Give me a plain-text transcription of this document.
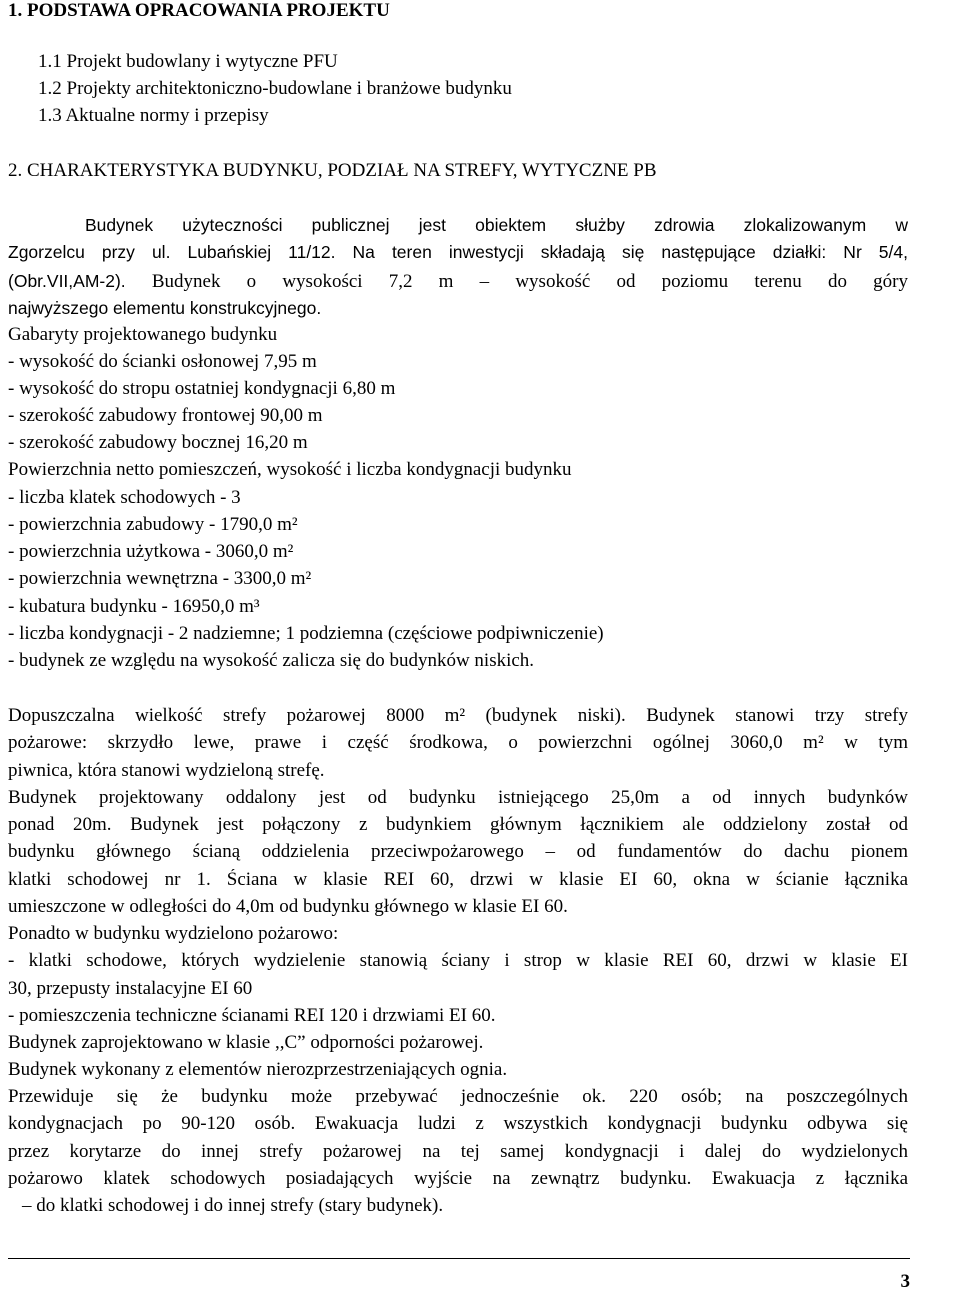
1. PODSTAWA OPRACOWANIA PROJEKTU
1.1 Projekt budowlany i wytyczne PFU
1.2 Projekty architektoniczno-budowlane i branżowe budynku
1.3 Aktualne normy i przepisy
2. CHARAKTERYSTYKA BUDYNKU, PODZIAŁ NA STREFY, WYTYCZNE PB
Budynek użyteczności publicznej jest obiektem służby zdrowia zlokalizowanym w
Zgorzelcu przy ul. Lubańskiej 11/12. Na teren inwestycji składają się następujące działki: Nr 5/4,
(Obr.VII,AM-2). Budynek o wysokości 7,2 m – wysokość od poziomu terenu do góry
najwyższego elementu konstrukcyjnego.
Gabaryty projektowanego budynku
- wysokość do ścianki osłonowej 7,95 m
- wysokość do stropu ostatniej kondygnacji 6,80 m
- szerokość zabudowy frontowej 90,00 m
- szerokość zabudowy bocznej 16,20 m
Powierzchnia netto pomieszczeń, wysokość i liczba kondygnacji budynku
- liczba klatek schodowych - 3
- powierzchnia zabudowy - 1790,0 m²
- powierzchnia użytkowa - 3060,0 m²
- powierzchnia wewnętrzna - 3300,0 m²
- kubatura budynku - 16950,0 m³
- liczba kondygnacji - 2 nadziemne; 1 podziemna (częściowe podpiwniczenie)
- budynek ze względu na wysokość zalicza się do budynków niskich.
Dopuszczalna wielkość strefy pożarowej 8000 m² (budynek niski). Budynek stanowi trzy strefy
pożarowe: skrzydło lewe, prawe i część środkowa, o powierzchni ogólnej 3060,0 m² w tym
piwnica, która stanowi wydzieloną strefę.
Budynek projektowany oddalony jest od budynku istniejącego 25,0m a od innych budynków
ponad 20m. Budynek jest połączony z budynkiem głównym łącznikiem ale oddzielony został od
budynku głównego ścianą oddzielenia przeciwpożarowego – od fundamentów do dachu pionem
klatki schodowej nr 1. Ściana w klasie REI 60, drzwi w klasie EI 60, okna w ścianie łącznika
umieszczone w odległości do 4,0m od budynku głównego w klasie EI 60.
Ponadto w budynku wydzielono pożarowo:
- klatki schodowe, których wydzielenie stanowią ściany i strop w klasie REI 60, drzwi w klasie EI
30, przepusty instalacyjne EI 60
- pomieszczenia techniczne ścianami REI 120 i drzwiami EI 60.
Budynek zaprojektowano w klasie ,,C” odporności pożarowej.
Budynek wykonany z elementów nierozprzestrzeniających ognia.
Przewiduje się że budynku może przebywać jednocześnie ok. 220 osób; na poszczególnych
kondygnacjach po 90-120 osób. Ewakuacja ludzi z wszystkich kondygnacji budynku odbywa się
przez korytarze do innej strefy pożarowej na tej samej kondygnacji i dalej do wydzielonych
pożarowo klatek schodowych posiadających wyjście na zewnątrz budynku. Ewakuacja z łącznika
– do klatki schodowej i do innej strefy (stary budynek).
3
